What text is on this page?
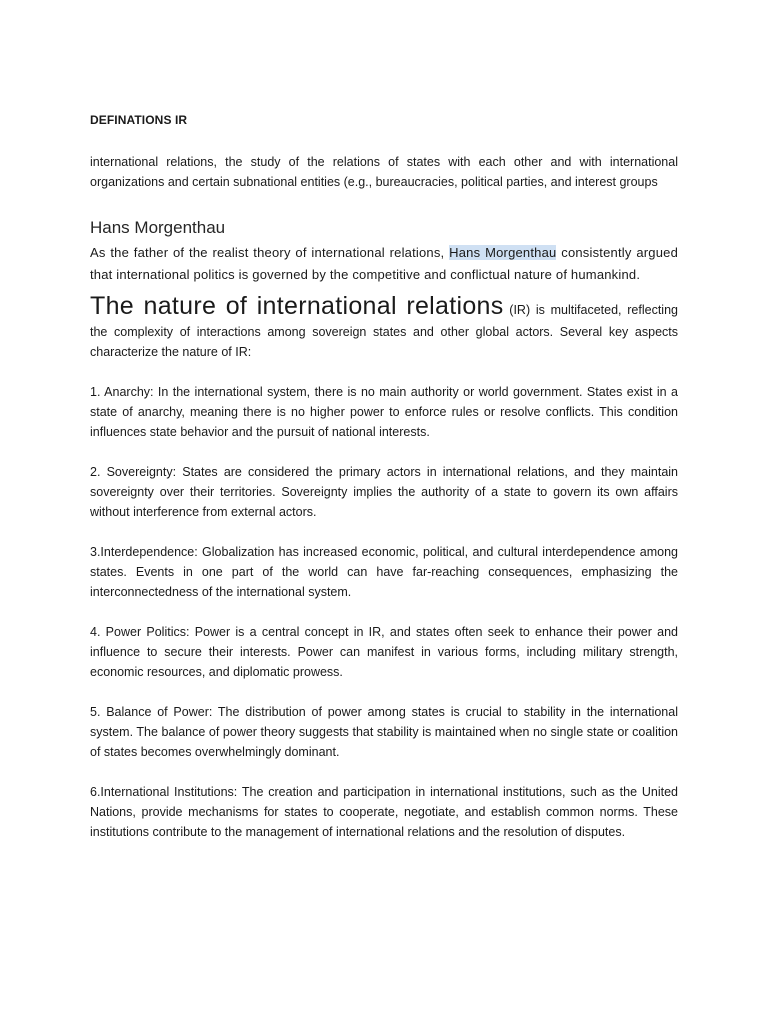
DEFINATIONS IR

international relations, the study of the relations of states with each other and with international organizations and certain subnational entities (e.g., bureaucracies, political parties, and interest groups

Hans Morgenthau

As the father of the realist theory of international relations, Hans Morgenthau consistently argued that international politics is governed by the competitive and conflictual nature of humankind.

The nature of international relations (IR) is multifaceted, reflecting the complexity of interactions among sovereign states and other global actors. Several key aspects characterize the nature of IR:

1. Anarchy: In the international system, there is no main authority or world government. States exist in a state of anarchy, meaning there is no higher power to enforce rules or resolve conflicts. This condition influences state behavior and the pursuit of national interests.

2. Sovereignty: States are considered the primary actors in international relations, and they maintain sovereignty over their territories. Sovereignty implies the authority of a state to govern its own affairs without interference from external actors.

3.Interdependence: Globalization has increased economic, political, and cultural interdependence among states. Events in one part of the world can have far-reaching consequences, emphasizing the interconnectedness of the international system.

4. Power Politics: Power is a central concept in IR, and states often seek to enhance their power and influence to secure their interests. Power can manifest in various forms, including military strength, economic resources, and diplomatic prowess.

5. Balance of Power: The distribution of power among states is crucial to stability in the international system. The balance of power theory suggests that stability is maintained when no single state or coalition of states becomes overwhelmingly dominant.

6.International Institutions: The creation and participation in international institutions, such as the United Nations, provide mechanisms for states to cooperate, negotiate, and establish common norms. These institutions contribute to the management of international relations and the resolution of disputes.
